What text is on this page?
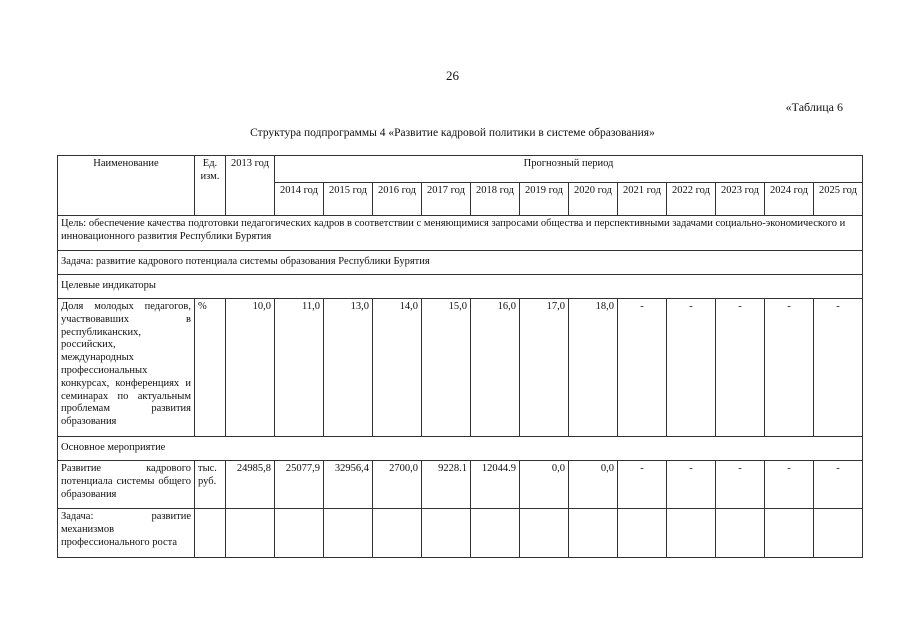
26
«Таблица 6
Структура подпрограммы 4 «Развитие кадровой политики в системе образования»
Наименование	Ед. изм.	2013 год	Прогнозный период											
			2014 год	2015 год	2016 год	2017 год	2018 год	2019 год	2020 год	2021 год	2022 год	2023 год	2024 год	2025 год
Цель: обеспечение качества подготовки педагогических кадров в соответствии с меняющимися запросами общества и перспективными задачами социально-экономического и инновационного развития Республики Бурятия														
Задача: развитие кадрового потенциала системы образования Республики Бурятия														
Целевые индикаторы														
Доля молодых педагогов, участвовавших в республиканских, российских, международных профессиональных конкурсах, конференциях и семинарах по актуальным проблемам развития образования	%	10,0	11,0	13,0	14,0	15,0	16,0	17,0	18,0	-	-	-	-	-
Основное мероприятие														
Развитие кадрового потенциала системы общего образования	тыс. руб.	24985,8	25077,9	32956,4	2700,0	9228.1	12044.9	0,0	0,0	-	-	-	-	-
Задача: развитие механизмов профессионального роста														
